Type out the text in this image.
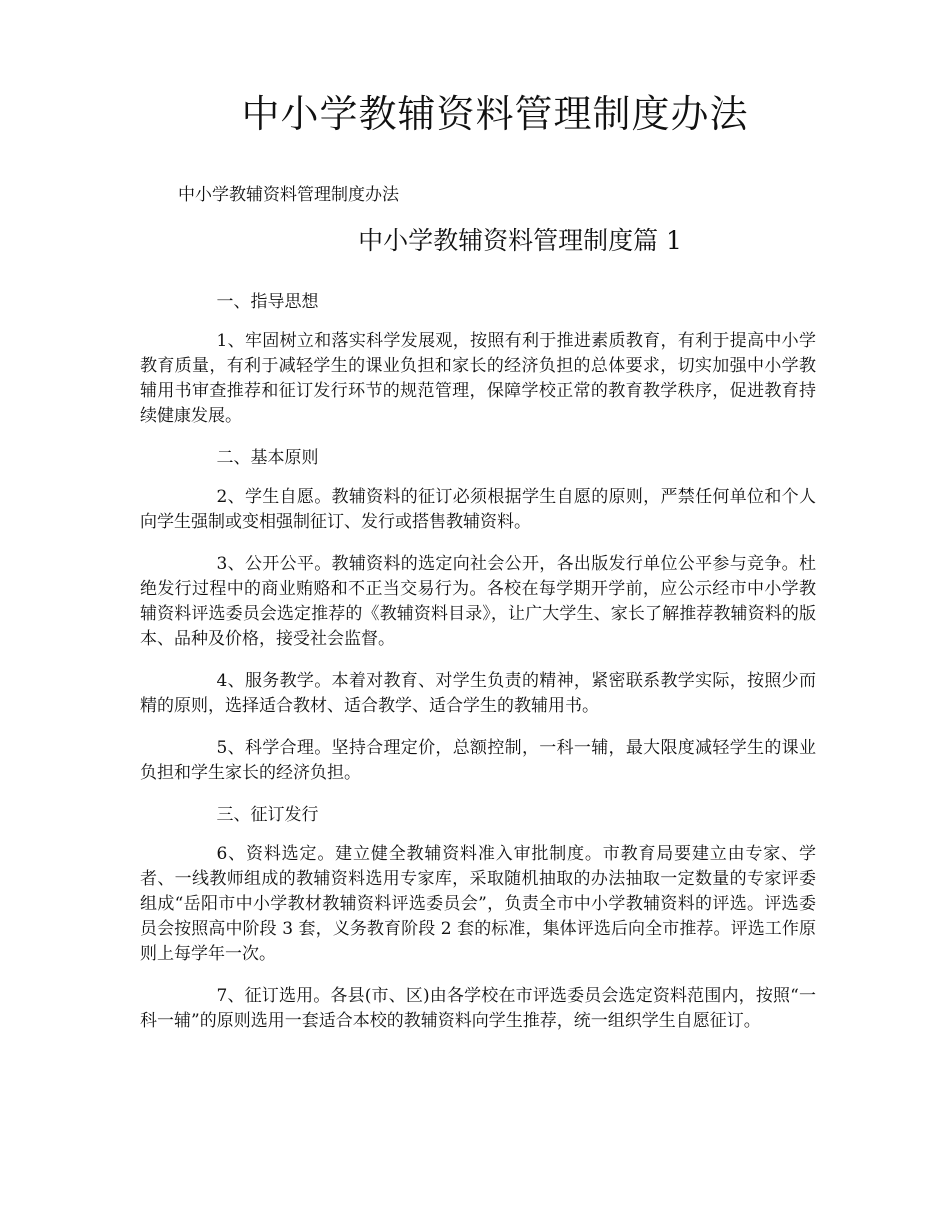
中小学教辅资料管理制度办法
中小学教辅资料管理制度办法
中小学教辅资料管理制度篇 1

一、指导思想

1、牢固树立和落实科学发展观，按照有利于推进素质教育，有利于提高中小学教育质量，有利于减轻学生的课业负担和家长的经济负担的总体要求，切实加强中小学教辅用书审查推荐和征订发行环节的规范管理，保障学校正常的教育教学秩序，促进教育持续健康发展。

二、基本原则

2、学生自愿。教辅资料的征订必须根据学生自愿的原则，严禁任何单位和个人向学生强制或变相强制征订、发行或搭售教辅资料。

3、公开公平。教辅资料的选定向社会公开，各出版发行单位公平参与竞争。杜绝发行过程中的商业贿赂和不正当交易行为。各校在每学期开学前，应公示经市中小学教辅资料评选委员会选定推荐的《教辅资料目录》，让广大学生、家长了解推荐教辅资料的版本、品种及价格，接受社会监督。

4、服务教学。本着对教育、对学生负责的精神，紧密联系教学实际，按照少而精的原则，选择适合教材、适合教学、适合学生的教辅用书。

5、科学合理。坚持合理定价，总额控制，一科一辅，最大限度减轻学生的课业负担和学生家长的经济负担。

三、征订发行

6、资料选定。建立健全教辅资料准入审批制度。市教育局要建立由专家、学者、一线教师组成的教辅资料选用专家库，采取随机抽取的办法抽取一定数量的专家评委组成“岳阳市中小学教材教辅资料评选委员会”，负责全市中小学教辅资料的评选。评选委员会按照高中阶段 3 套，义务教育阶段 2 套的标准，集体评选后向全市推荐。评选工作原则上每学年一次。

7、征订选用。各县(市、区)由各学校在市评选委员会选定资料范围内，按照“一科一辅”的原则选用一套适合本校的教辅资料向学生推荐，统一组织学生自愿征订。
